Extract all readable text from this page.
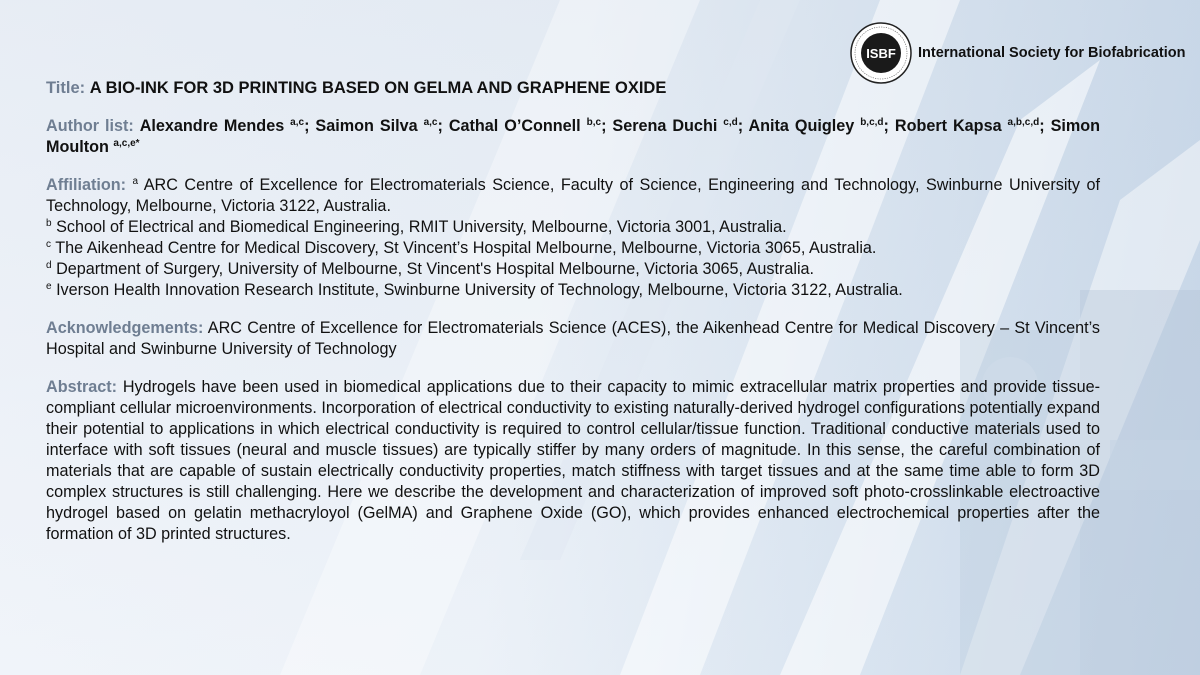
ISBF International Society for Biofabrication
Title: A BIO-INK FOR 3D PRINTING BASED ON GELMA AND GRAPHENE OXIDE
Author list: Alexandre Mendes $^{a,c}$; Saimon Silva $^{a,c}$; Cathal O’Connell $^{b,c}$; Serena Duchi $^{c,d}$; Anita Quigley $^{b,c,d}$; Robert Kapsa $^{a,b,c,d}$; Simon Moulton $^{a,c,e*}$
Affiliation: $^a$ ARC Centre of Excellence for Electromaterials Science, Faculty of Science, Engineering and Technology, Swinburne University of Technology, Melbourne, Victoria 3122, Australia.
$^b$ School of Electrical and Biomedical Engineering, RMIT University, Melbourne, Victoria 3001, Australia.
$^c$ The Aikenhead Centre for Medical Discovery, St Vincent’s Hospital Melbourne, Melbourne, Victoria 3065, Australia.
$^d$ Department of Surgery, University of Melbourne, St Vincent's Hospital Melbourne, Victoria 3065, Australia.
$^e$ Iverson Health Innovation Research Institute, Swinburne University of Technology, Melbourne, Victoria 3122, Australia.
Acknowledgements: ARC Centre of Excellence for Electromaterials Science (ACES), the Aikenhead Centre for Medical Discovery – St Vincent’s Hospital and Swinburne University of Technology
Abstract: Hydrogels have been used in biomedical applications due to their capacity to mimic extracellular matrix properties and provide tissue-compliant cellular microenvironments. Incorporation of electrical conductivity to existing naturally-derived hydrogel configurations potentially expand their potential to applications in which electrical conductivity is required to control cellular/tissue function. Traditional conductive materials used to interface with soft tissues (neural and muscle tissues) are typically stiffer by many orders of magnitude. In this sense, the careful combination of materials that are capable of sustain electrically conductivity properties, match stiffness with target tissues and at the same time able to form 3D complex structures is still challenging. Here we describe the development and characterization of improved soft photo-crosslinkable electroactive hydrogel based on gelatin methacryloyol (GelMA) and Graphene Oxide (GO), which provides enhanced electrochemical properties after the formation of 3D printed structures.
